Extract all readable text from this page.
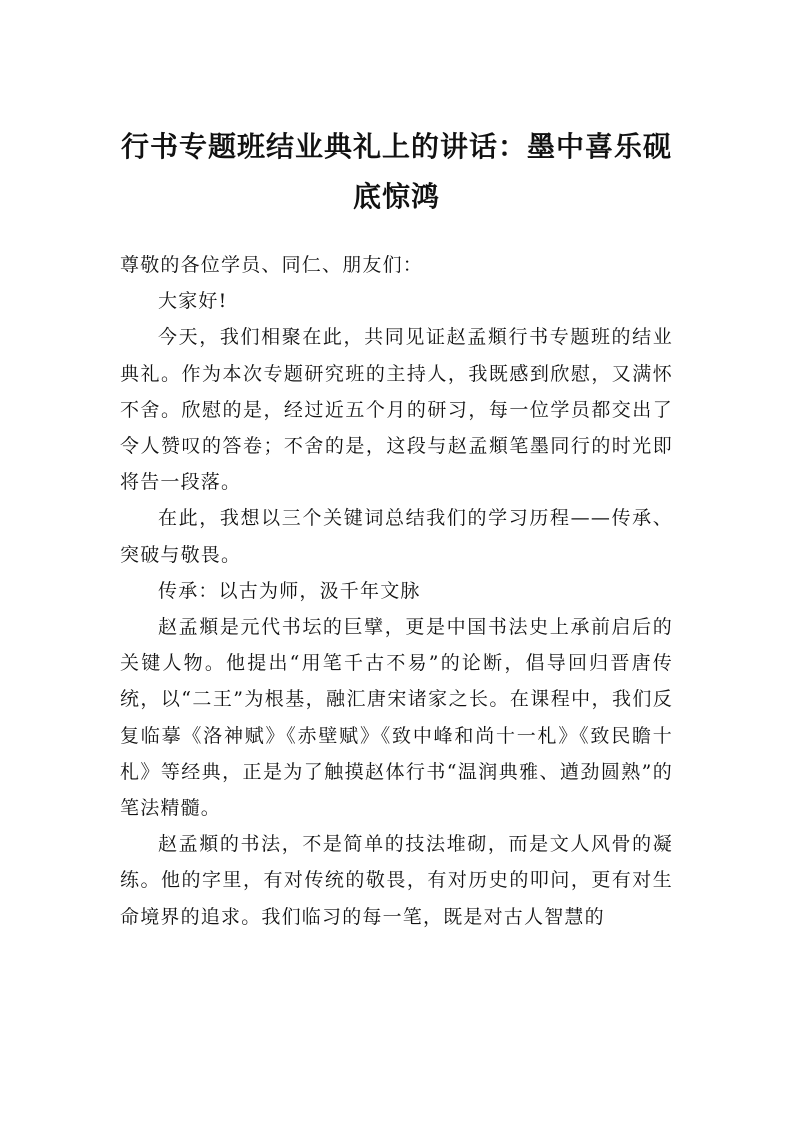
行书专题班结业典礼上的讲话：墨中喜乐砚
底惊鸿

尊敬的各位学员、同仁、朋友们：

大家好!

今天，我们相聚在此，共同见证赵孟頫行书专题班的结业典礼。作为本次专题研究班的主持人，我既感到欣慰，又满怀不舍。欣慰的是，经过近五个月的研习，每一位学员都交出了令人赞叹的答卷；不舍的是，这段与赵孟頫笔墨同行的时光即将告一段落。

在此，我想以三个关键词总结我们的学习历程——传承、突破与敬畏。

传承：以古为师，汲千年文脉

赵孟頫是元代书坛的巨擘，更是中国书法史上承前启后的关键人物。他提出“用笔千古不易”的论断，倡导回归晋唐传统，以“二王”为根基，融汇唐宋诸家之长。在课程中，我们反复临摹《洛神赋》《赤壁赋》《致中峰和尚十一札》《致民瞻十札》等经典，正是为了触摸赵体行书“温润典雅、遒劲圆熟”的笔法精髓。

赵孟頫的书法，不是简单的技法堆砌，而是文人风骨的凝练。他的字里，有对传统的敬畏，有对历史的叩问，更有对生命境界的追求。我们临习的每一笔，既是对古人智慧的
